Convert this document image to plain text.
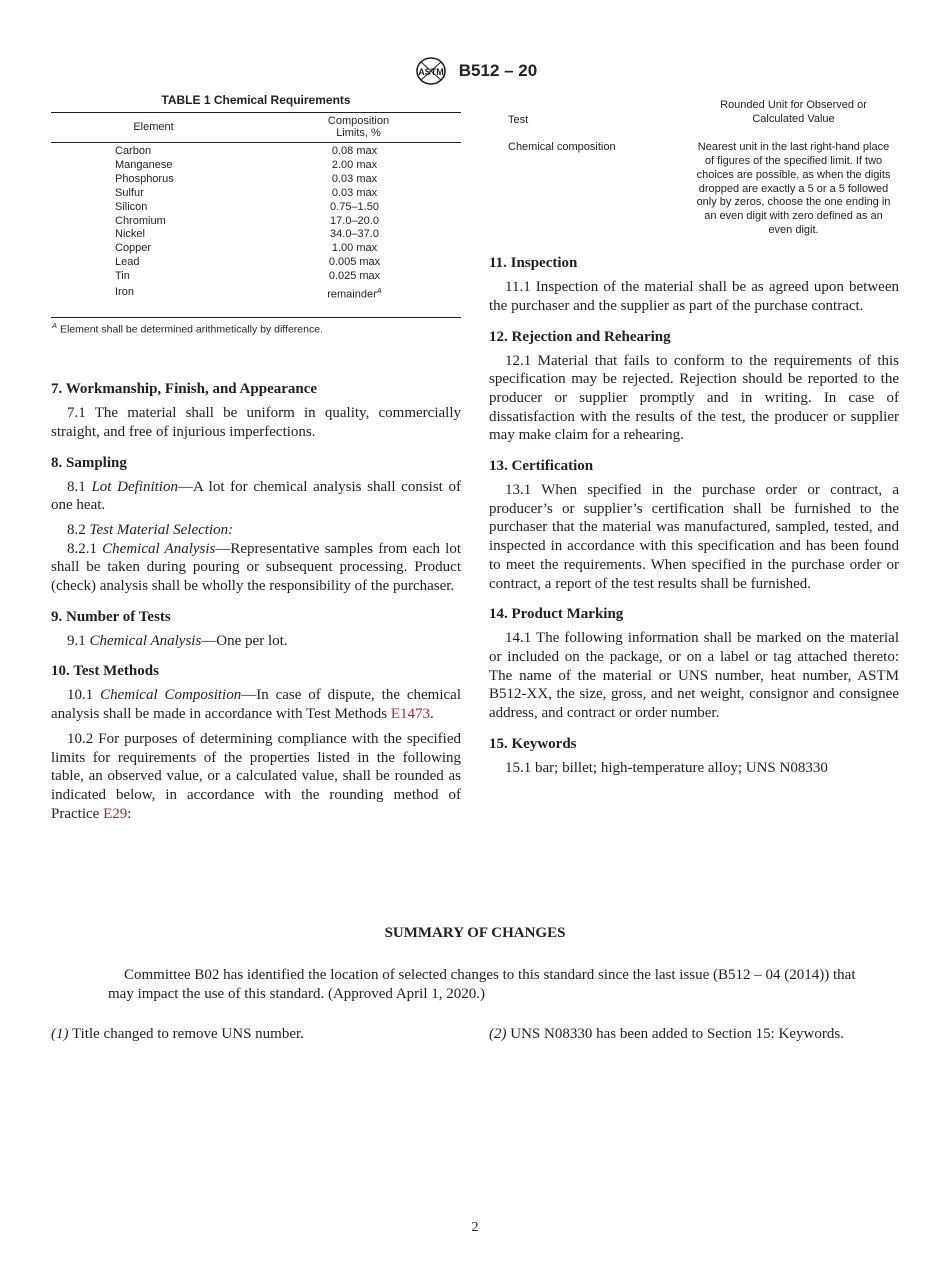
ASTM B512 – 20
TABLE 1 Chemical Requirements
Element	Composition
Limits, %
Carbon	0.08 max
Manganese	2.00 max
Phosphorus	0.03 max
Sulfur	0.03 max
Silicon	0.75–1.50
Chromium	17.0–20.0
Nickel	34.0–37.0
Copper	1.00 max
Lead	0.005 max
Tin	0.025 max
Iron	remainder$^A$
$^A$ Element shall be determined arithmetically by difference.	

7. Workmanship, Finish, and Appearance

7.1 The material shall be uniform in quality, commercially straight, and free of injurious imperfections.

8. Sampling

8.1 Lot Definition—A lot for chemical analysis shall consist of one heat.

8.2 Test Material Selection:

8.2.1 Chemical Analysis—Representative samples from each lot shall be taken during pouring or subsequent processing. Product (check) analysis shall be wholly the responsibility of the purchaser.

9. Number of Tests

9.1 Chemical Analysis—One per lot.

10. Test Methods

10.1 Chemical Composition—In case of dispute, the chemical analysis shall be made in accordance with Test Methods E1473.

10.2 For purposes of determining compliance with the specified limits for requirements of the properties listed in the following table, an observed value, or a calculated value, shall be rounded as indicated below, in accordance with the rounding method of Practice E29:

Test	Rounded Unit for Observed or
Calculated Value
Chemical composition	Nearest unit in the last right-hand place of figures of the specified limit. If two choices are possible, as when the digits dropped are exactly a 5 or a 5 followed only by zeros, choose the one ending in an even digit with zero defined as an even digit.

11. Inspection

11.1 Inspection of the material shall be as agreed upon between the purchaser and the supplier as part of the purchase contract.

12. Rejection and Rehearing

12.1 Material that fails to conform to the requirements of this specification may be rejected. Rejection should be reported to the producer or supplier promptly and in writing. In case of dissatisfaction with the results of the test, the producer or supplier may make claim for a rehearing.

13. Certification

13.1 When specified in the purchase order or contract, a producer’s or supplier’s certification shall be furnished to the purchaser that the material was manufactured, sampled, tested, and inspected in accordance with this specification and has been found to meet the requirements. When specified in the purchase order or contract, a report of the test results shall be furnished.

14. Product Marking

14.1 The following information shall be marked on the material or included on the package, or on a label or tag attached thereto: The name of the material or UNS number, heat number, ASTM B512-XX, the size, gross, and net weight, consignor and consignee address, and contract or order number.

15. Keywords

15.1 bar; billet; high-temperature alloy; UNS N08330

SUMMARY OF CHANGES
Committee B02 has identified the location of selected changes to this standard since the last issue (B512 – 04 (2014)) that may impact the use of this standard. (Approved April 1, 2020.)
(1) Title changed to remove UNS number.	(2) UNS N08330 has been added to Section 15: Keywords.
2
